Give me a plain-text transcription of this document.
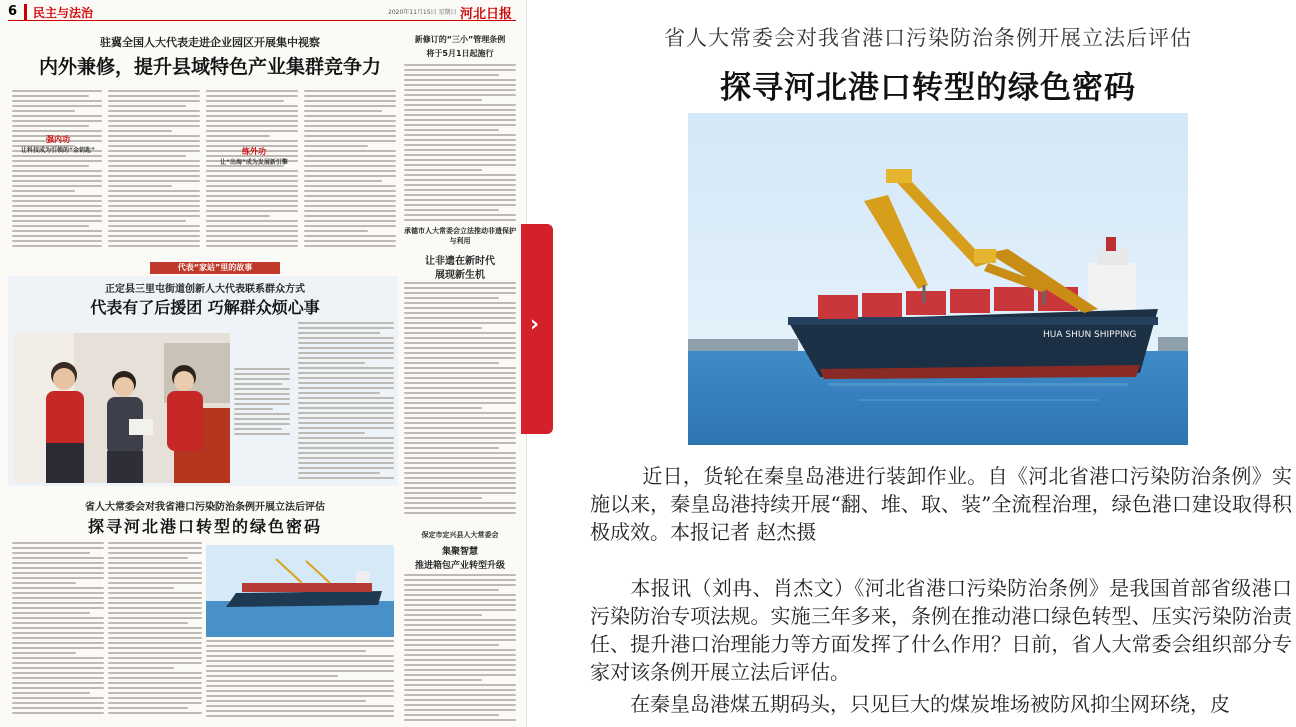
6	民主与法治	2020年11月15日 星期日 河北日报
驻冀全国人大代表走进企业园区开展集中视察
内外兼修，提升县域特色产业集群竞争力
强内功
让科技成为引领的“金钥匙”	练外功
让“出海”成为发展新引擎
新修订的“三小”管理条例
将于5月1日起施行
代表“家站”里的故事
正定县三里屯街道创新人大代表联系群众方式
代表有了后援团 巧解群众烦心事
承德市人大常委会立法推动非遗保护与利用
让非遗在新时代
展现新生机
省人大常委会对我省港口污染防治条例开展立法后评估
探寻河北港口转型的绿色密码	保定市定兴县人大常委会
集聚智慧
推进箱包产业转型升级
›
省人大常委会对我省港口污染防治条例开展立法后评估
探寻河北港口转型的绿色密码
HUA SHUN SHIPPING
近日，货轮在秦皇岛港进行装卸作业。自《河北省港口污染防治条例》实施以来，秦皇岛港持续开展“翻、堆、取、装”全流程治理，绿色港口建设取得积极成效。本报记者 赵杰摄
本报讯（刘冉、肖杰文）《河北省港口污染防治条例》是我国首部省级港口污染防治专项法规。实施三年多来，条例在推动港口绿色转型、压实污染防治责任、提升港口治理能力等方面发挥了什么作用？日前，省人大常委会组织部分专家对该条例开展立法后评估。
在秦皇岛港煤五期码头，只见巨大的煤炭堆场被防风抑尘网环绕，皮
